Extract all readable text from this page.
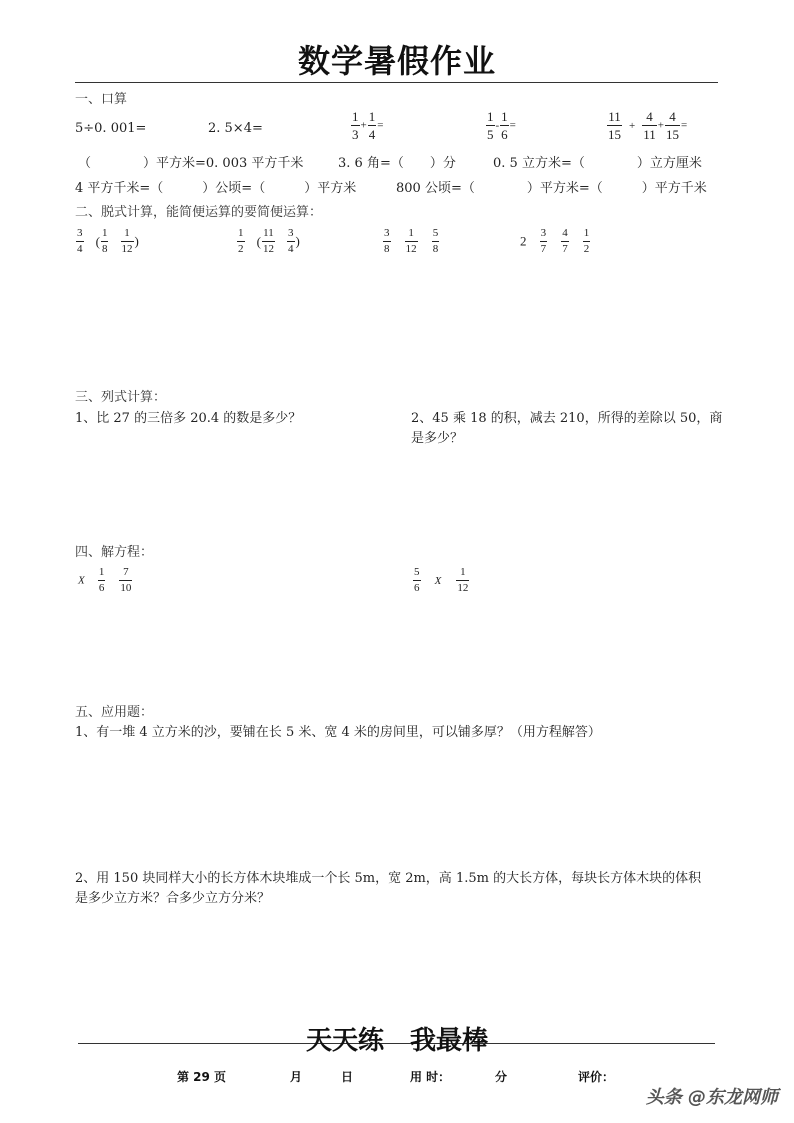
数学暑假作业
一、口算
5÷0. 001=	2. 5×4=	$\frac{1}{3} + \frac{1}{4}$ =	$\frac{1}{5} - \frac{1}{6}$ =	$\frac{11}{15} + \frac{4}{11} + \frac{4}{15}$ =
（　　　　）平方米=0. 003 平方千米	3. 6 角=（　　）分	0. 5 立方米=（　　　　）立方厘米
4 平方千米=（　　　）公顷=（　　　）平方米	800 公顷=（　　　　）平方米=（　　　）平方千米
二、脱式计算，能简便运算的要简便运算：
$\frac{3}{4}$ ( $\frac{1}{8}$
$\frac{1}{12}$ )	$\frac{1}{2}$ ( $\frac{11}{12}$
$\frac{3}{4}$ )	$\frac{3}{8}$
$\frac{1}{12}$
$\frac{5}{8}$	$2 \frac{3}{7}$
$\frac{4}{7}$
$\frac{1}{2}$
三、列式计算：
1、比 27 的三倍多 20.4 的数是多少？	2、45 乘 18 的积，减去 210，所得的差除以 50，商
是多少？
四、解方程：
X $\frac{1}{6}$
$\frac{7}{10}$	$\frac{5}{6}$ X $\frac{1}{12}$
五、应用题：
1、有一堆 4 立方米的沙，要铺在长 5 米、宽 4 米的房间里，可以铺多厚？（用方程解答）
2、用 150 块同样大小的长方体木块堆成一个长 5m，宽 2m，高 1.5m 的大长方体，每块长方体木块的体积
是多少立方米？合多少立方分米？
天天练 我最棒
第 29 页	月	日	用 时：	分	评价：
头条 @东龙网师
